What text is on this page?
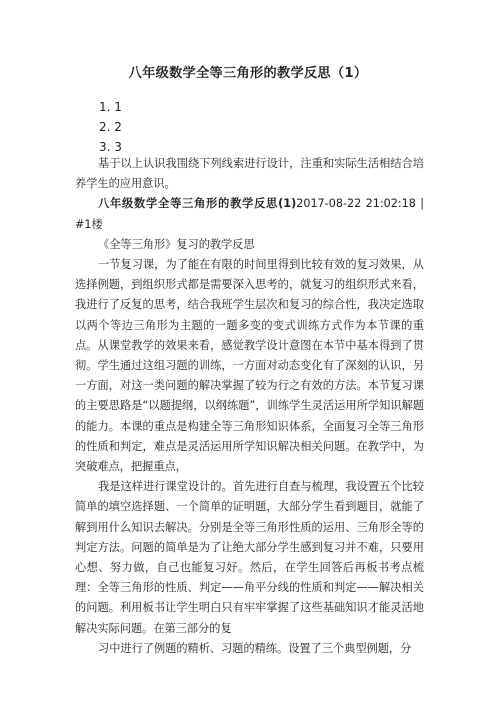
八年级数学全等三角形的教学反思（1）
1. 1
2. 2
3. 3

基于以上认识我围绕下列线索进行设计，注重和实际生活相结合培养学生的应用意识。

八年级数学全等三角形的教学反思(1)2017-08-22 21:02:18 | #1楼

《全等三角形》复习的教学反思

一节复习课，为了能在有限的时间里得到比较有效的复习效果，从选择例题，到组织形式都是需要深入思考的，就复习的组织形式来看，我进行了反复的思考，结合我班学生层次和复习的综合性，我决定选取以两个等边三角形为主题的一题多变的变式训练方式作为本节课的重点。从课堂教学的效果来看，感觉教学设计意图在本节中基本得到了贯彻。学生通过这组习题的训练，一方面对动态变化有了深刻的认识，另一方面，对这一类问题的解决掌握了较为行之有效的方法。本节复习课的主要思路是“以题提纲，以纲练题”，训练学生灵活运用所学知识解题的能力。本课的重点是构建全等三角形知识体系，全面复习全等三角形的性质和判定，难点是灵活运用所学知识解决相关问题。在教学中，为突破难点，把握重点，

我是这样进行课堂设计的。首先进行自查与梳理，我设置五个比较简单的填空选择题、一个简单的证明题，大部分学生看到题目，就能了解到用什么知识去解决。分别是全等三角形性质的运用、三角形全等的判定方法。问题的简单是为了让绝大部分学生感到复习并不难，只要用心想、努力做，自己也能复习好。然后，在学生回答后再板书考点梳理：全等三角形的性质、判定——角平分线的性质和判定——解决相关的问题。利用板书让学生明白只有牢牢掌握了这些基础知识才能灵活地解决实际问题。在第三部分的复

习中进行了例题的精析、习题的精练。设置了三个典型例题，分
